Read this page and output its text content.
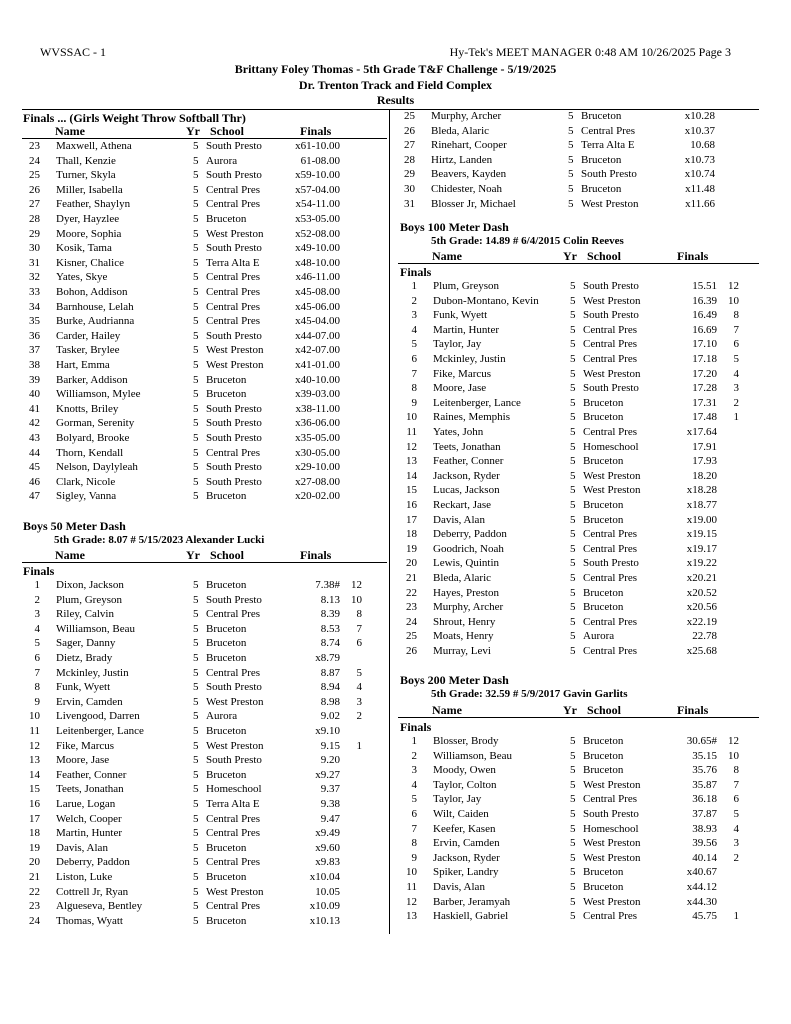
WVSSAC - 1	Hy-Tek's MEET MANAGER 0:48 AM 10/26/2025 Page 3
Brittany Foley Thomas - 5th Grade T&F Challenge - 5/19/2025
Dr. Trenton Track and Field Complex
Results
Finals ... (Girls Weight Throw Softball Thr)
Name	Yr School	Finals
23 Maxwell, Athena	5 South Presto	x61-10.00
24 Thall, Kenzie	5 Aurora	61-08.00
25 Turner, Skyla	5 South Presto	x59-10.00
26 Miller, Isabella	5 Central Pres	x57-04.00
27 Feather, Shaylyn	5 Central Pres	x54-11.00
28 Dyer, Hayzlee	5 Bruceton	x53-05.00
29 Moore, Sophia	5 West Preston	x52-08.00
30 Kosik, Tama	5 South Presto	x49-10.00
31 Kisner, Chalice	5 Terra Alta E	x48-10.00
32 Yates, Skye	5 Central Pres	x46-11.00
33 Bohon, Addison	5 Central Pres	x45-08.00
34 Barnhouse, Lelah	5 Central Pres	x45-06.00
35 Burke, Audrianna	5 Central Pres	x45-04.00
36 Carder, Hailey	5 South Presto	x44-07.00
37 Tasker, Brylee	5 West Preston	x42-07.00
38 Hart, Emma	5 West Preston	x41-01.00
39 Barker, Addison	5 Bruceton	x40-10.00
40 Williamson, Mylee	5 Bruceton	x39-03.00
41 Knotts, Briley	5 South Presto	x38-11.00
42 Gorman, Serenity	5 South Presto	x36-06.00
43 Bolyard, Brooke	5 South Presto	x35-05.00
44 Thorn, Kendall	5 Central Pres	x30-05.00
45 Nelson, Daylyleah	5 South Presto	x29-10.00
46 Clark, Nicole	5 South Presto	x27-08.00
47 Sigley, Vanna	5 Bruceton	x20-02.00
Boys 50 Meter Dash
5th Grade: 8.07 # 5/15/2023 Alexander Lucki
Name	Yr School	Finals
Finals
1 Dixon, Jackson	5 Bruceton	7.38# 12
2 Plum, Greyson	5 South Presto	8.13 10
3 Riley, Calvin	5 Central Pres	8.39	8
4 Williamson, Beau	5 Bruceton	8.53	7
5 Sager, Danny	5 Bruceton	8.74	6
6 Dietz, Brady	5 Bruceton	x8.79
7 Mckinley, Justin	5 Central Pres	8.87	5
8 Funk, Wyett	5 South Presto	8.94	4
9 Ervin, Camden	5 West Preston	8.98	3
10 Livengood, Darren	5 Aurora	9.02	2
11 Leitenberger, Lance	5 Bruceton	x9.10
12 Fike, Marcus	5 West Preston	9.15	1
13 Moore, Jase	5 South Presto	9.20
14 Feather, Conner	5 Bruceton	x9.27
15 Teets, Jonathan	5 Homeschool	9.37
16 Larue, Logan	5 Terra Alta E	9.38
17 Welch, Cooper	5 Central Pres	9.47
18 Martin, Hunter	5 Central Pres	x9.49
19 Davis, Alan	5 Bruceton	x9.60
20 Deberry, Paddon	5 Central Pres	x9.83
21 Liston, Luke	5 Bruceton	x10.04
22 Cottrell Jr, Ryan	5 West Preston	10.05
23 Algueseva, Bentley	5 Central Pres	x10.09
24 Thomas, Wyatt	5 Bruceton	x10.13
25 Murphy, Archer	5 Bruceton	x10.28
26 Bleda, Alaric	5 Central Pres	x10.37
27 Rinehart, Cooper	5 Terra Alta E	10.68
28 Hirtz, Landen	5 Bruceton	x10.73
29 Beavers, Kayden	5 South Presto	x10.74
30 Chidester, Noah	5 Bruceton	x11.48
31 Blosser Jr, Michael	5 West Preston	x11.66
Boys 100 Meter Dash
5th Grade: 14.89 # 6/4/2015 Colin Reeves
Name	Yr School	Finals
Finals
1 Plum, Greyson	5 South Presto	15.51 12
2 Dubon-Montano, Kevin	5 West Preston	16.39 10
3 Funk, Wyett	5 South Presto	16.49	8
4 Martin, Hunter	5 Central Pres	16.69	7
5 Taylor, Jay	5 Central Pres	17.10	6
6 Mckinley, Justin	5 Central Pres	17.18	5
7 Fike, Marcus	5 West Preston	17.20	4
8 Moore, Jase	5 South Presto	17.28	3
9 Leitenberger, Lance	5 Bruceton	17.31	2
10 Raines, Memphis	5 Bruceton	17.48	1
11 Yates, John	5 Central Pres	x17.64
12 Teets, Jonathan	5 Homeschool	17.91
13 Feather, Conner	5 Bruceton	17.93
14 Jackson, Ryder	5 West Preston	18.20
15 Lucas, Jackson	5 West Preston	x18.28
16 Reckart, Jase	5 Bruceton	x18.77
17 Davis, Alan	5 Bruceton	x19.00
18 Deberry, Paddon	5 Central Pres	x19.15
19 Goodrich, Noah	5 Central Pres	x19.17
20 Lewis, Quintin	5 South Presto	x19.22
21 Bleda, Alaric	5 Central Pres	x20.21
22 Hayes, Preston	5 Bruceton	x20.52
23 Murphy, Archer	5 Bruceton	x20.56
24 Shrout, Henry	5 Central Pres	x22.19
25 Moats, Henry	5 Aurora	22.78
26 Murray, Levi	5 Central Pres	x25.68
Boys 200 Meter Dash
5th Grade: 32.59 # 5/9/2017 Gavin Garlits
Name	Yr School	Finals
Finals
1 Blosser, Brody	5 Bruceton	30.65# 12
2 Williamson, Beau	5 Bruceton	35.15 10
3 Moody, Owen	5 Bruceton	35.76	8
4 Taylor, Colton	5 West Preston	35.87	7
5 Taylor, Jay	5 Central Pres	36.18	6
6 Wilt, Caiden	5 South Presto	37.87	5
7 Keefer, Kasen	5 Homeschool	38.93	4
8 Ervin, Camden	5 West Preston	39.56	3
9 Jackson, Ryder	5 West Preston	40.14	2
10 Spiker, Landry	5 Bruceton	x40.67
11 Davis, Alan	5 Bruceton	x44.12
12 Barber, Jeramyah	5 West Preston	x44.30
13 Haskiell, Gabriel	5 Central Pres	45.75	1
